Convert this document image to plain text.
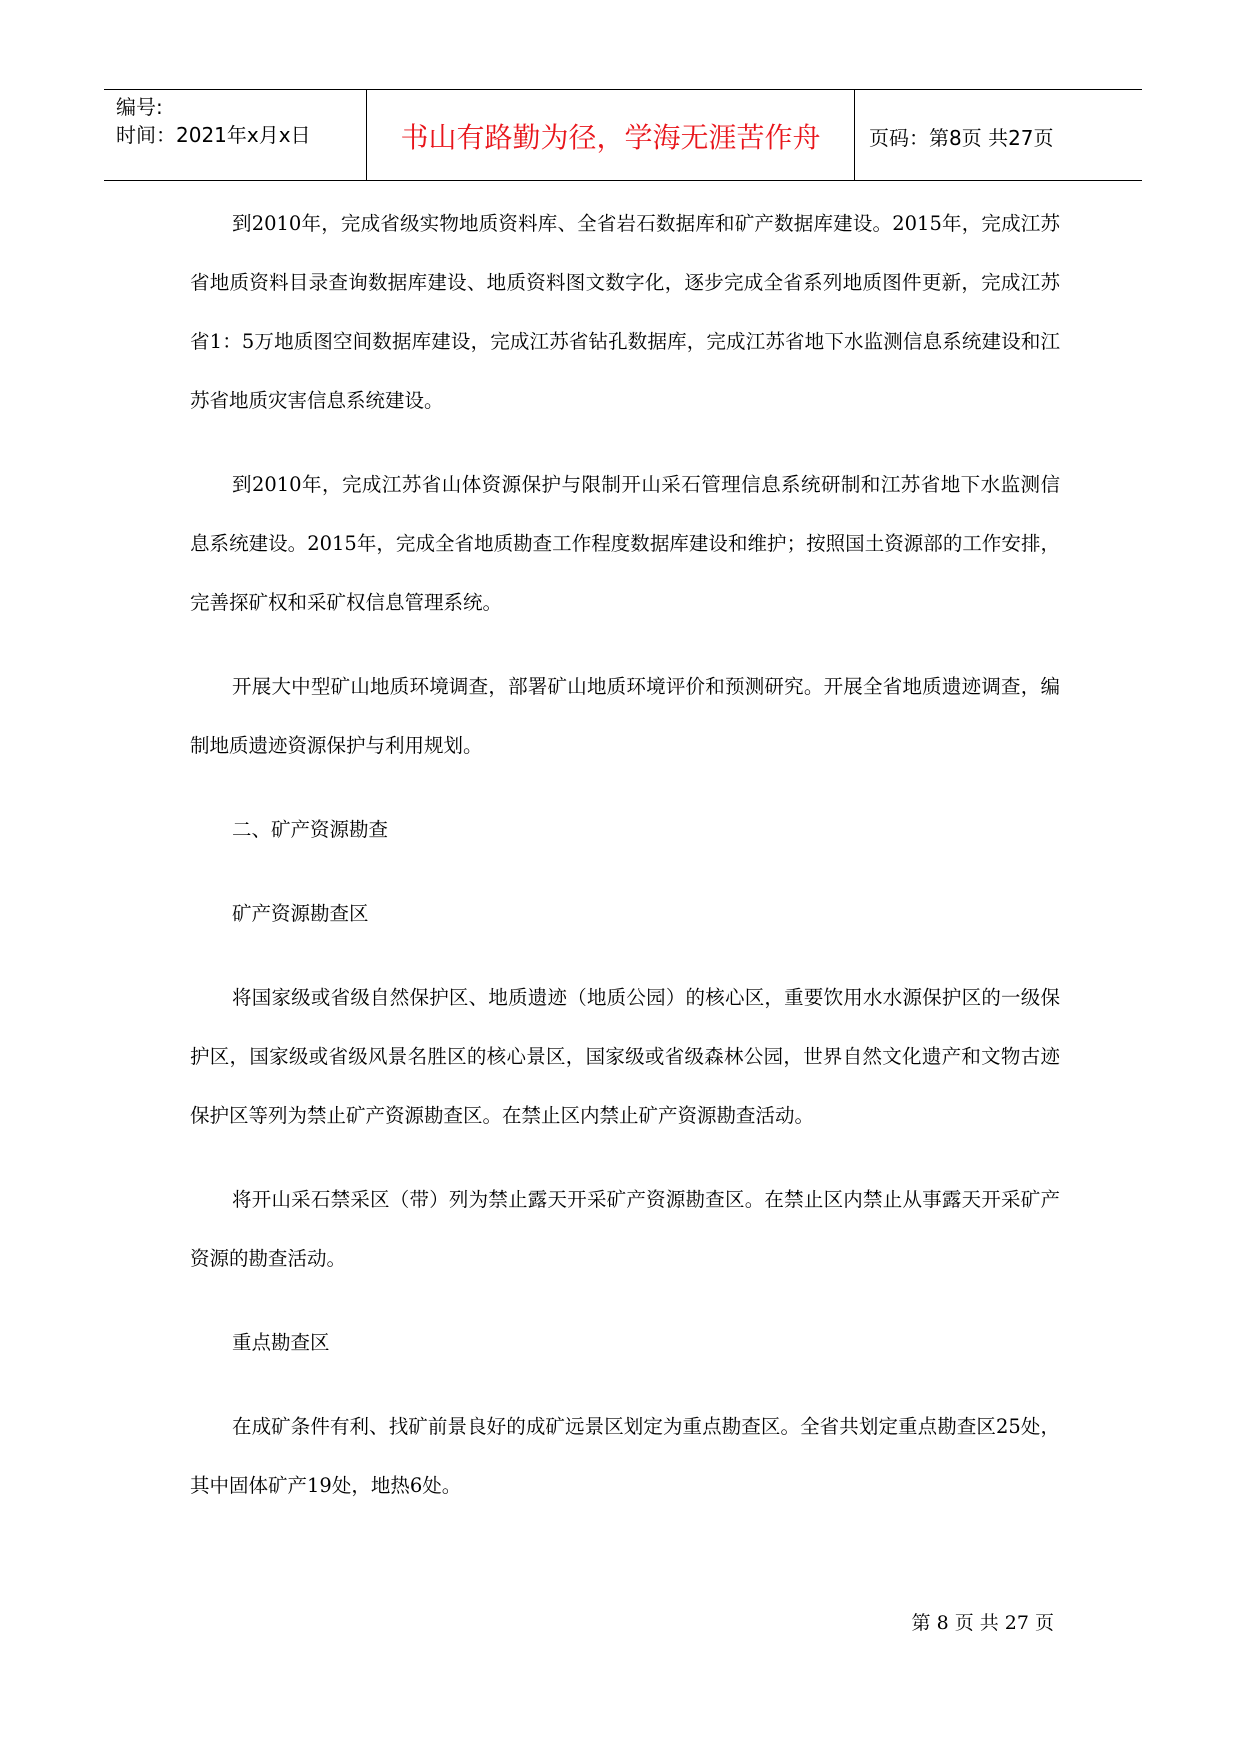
编号:
时间：2021年x月x日	书山有路勤为径，学海无涯苦作舟	页码：第8页 共27页

到2010年，完成省级实物地质资料库、全省岩石数据库和矿产数据库建设。2015年，完成江苏省地质资料目录查询数据库建设、地质资料图文数字化，逐步完成全省系列地质图件更新，完成江苏省1：5万地质图空间数据库建设，完成江苏省钻孔数据库，完成江苏省地下水监测信息系统建设和江苏省地质灾害信息系统建设。

到2010年，完成江苏省山体资源保护与限制开山采石管理信息系统研制和江苏省地下水监测信息系统建设。2015年，完成全省地质勘查工作程度数据库建设和维护；按照国土资源部的工作安排，完善探矿权和采矿权信息管理系统。

开展大中型矿山地质环境调查，部署矿山地质环境评价和预测研究。开展全省地质遗迹调查，编制地质遗迹资源保护与利用规划。

二、矿产资源勘查

矿产资源勘查区

将国家级或省级自然保护区、地质遗迹（地质公园）的核心区，重要饮用水水源保护区的一级保护区，国家级或省级风景名胜区的核心景区，国家级或省级森林公园，世界自然文化遗产和文物古迹保护区等列为禁止矿产资源勘查区。在禁止区内禁止矿产资源勘查活动。

将开山采石禁采区（带）列为禁止露天开采矿产资源勘查区。在禁止区内禁止从事露天开采矿产资源的勘查活动。

重点勘查区

在成矿条件有利、找矿前景良好的成矿远景区划定为重点勘查区。全省共划定重点勘查区25处，其中固体矿产19处，地热6处。

第 8 页 共 27 页
